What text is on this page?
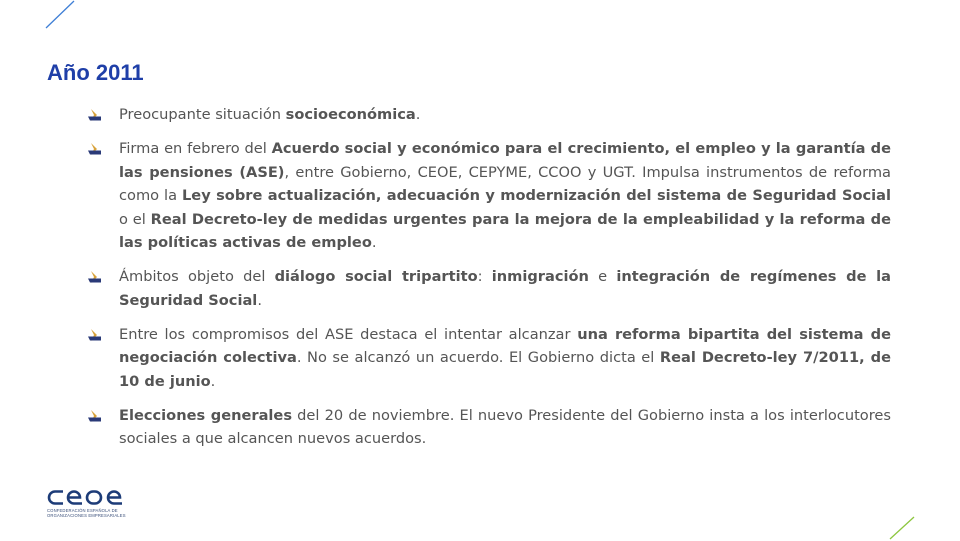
Año 2011
Preocupante situación socioeconómica.
Firma en febrero del Acuerdo social y económico para el crecimiento, el empleo y la garantía de las pensiones (ASE), entre Gobierno, CEOE, CEPYME, CCOO y UGT. Impulsa instrumentos de reforma como la Ley sobre actualización, adecuación y modernización del sistema de Seguridad Social o el Real Decreto-ley de medidas urgentes para la mejora de la empleabilidad y la reforma de las políticas activas de empleo.
Ámbitos objeto del diálogo social tripartito: inmigración e integración de regímenes de la Seguridad Social.
Entre los compromisos del ASE destaca el intentar alcanzar una reforma bipartita del sistema de negociación colectiva. No se alcanzó un acuerdo. El Gobierno dicta el Real Decreto-ley 7/2011, de 10 de junio.
Elecciones generales del 20 de noviembre. El nuevo Presidente del Gobierno insta a los interlocutores sociales a que alcancen nuevos acuerdos.
CONFEDERACIÓN ESPAÑOLA DE
ORGANIZACIONES EMPRESARIALES
